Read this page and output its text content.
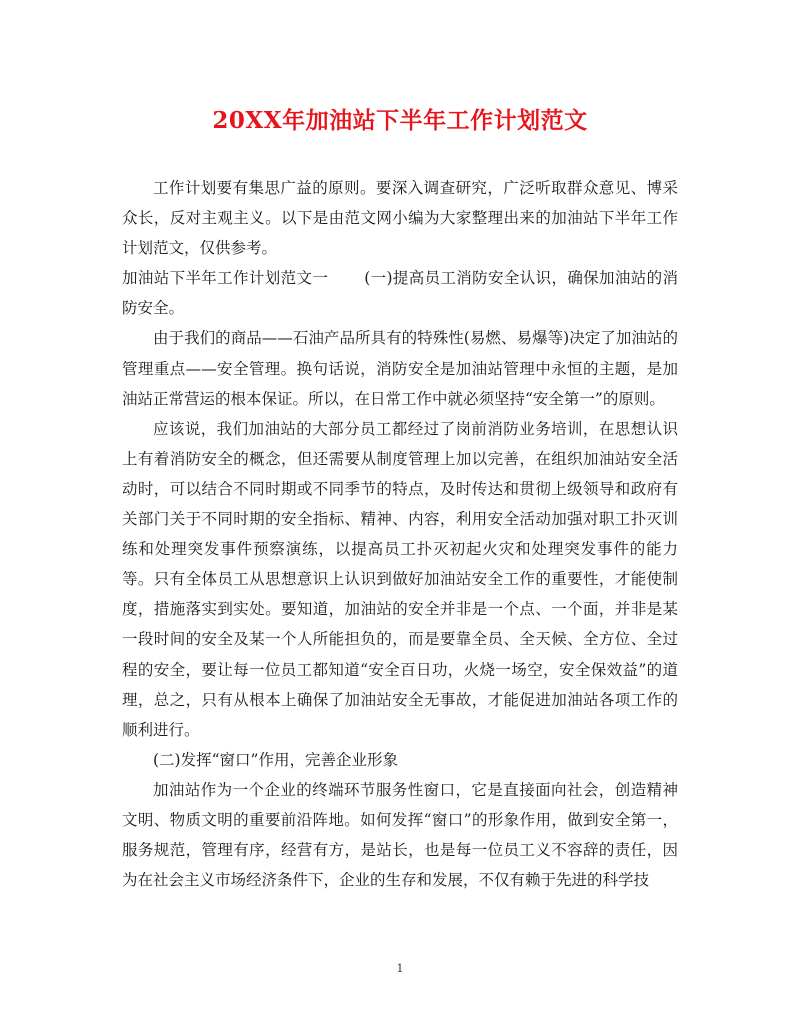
20XX年加油站下半年工作计划范文

工作计划要有集思广益的原则。要深入调查研究，广泛听取群众意见、博采众长，反对主观主义。以下是由范文网小编为大家整理出来的加油站下半年工作计划范文，仅供参考。

加油站下半年工作计划范文一 (一)提高员工消防安全认识，确保加油站的消防安全。

由于我们的商品——石油产品所具有的特殊性(易燃、易爆等)决定了加油站的管理重点——安全管理。换句话说，消防安全是加油站管理中永恒的主题，是加油站正常营运的根本保证。所以，在日常工作中就必须坚持“安全第一”的原则。

应该说，我们加油站的大部分员工都经过了岗前消防业务培训，在思想认识上有着消防安全的概念，但还需要从制度管理上加以完善，在组织加油站安全活动时，可以结合不同时期或不同季节的特点，及时传达和贯彻上级领导和政府有关部门关于不同时期的安全指标、精神、内容，利用安全活动加强对职工扑灭训练和处理突发事件预察演练，以提高员工扑灭初起火灾和处理突发事件的能力等。只有全体员工从思想意识上认识到做好加油站安全工作的重要性，才能使制度，措施落实到实处。要知道，加油站的安全并非是一个点、一个面，并非是某一段时间的安全及某一个人所能担负的，而是要靠全员、全天候、全方位、全过程的安全，要让每一位员工都知道“安全百日功，火烧一场空，安全保效益”的道理，总之，只有从根本上确保了加油站安全无事故，才能促进加油站各项工作的顺利进行。

(二)发挥“窗口”作用，完善企业形象

加油站作为一个企业的终端环节服务性窗口，它是直接面向社会，创造精神文明、物质文明的重要前沿阵地。如何发挥“窗口”的形象作用，做到安全第一，服务规范，管理有序，经营有方，是站长，也是每一位员工义不容辞的责任，因为在社会主义市场经济条件下，企业的生存和发展，不仅有赖于先进的科学技

1
